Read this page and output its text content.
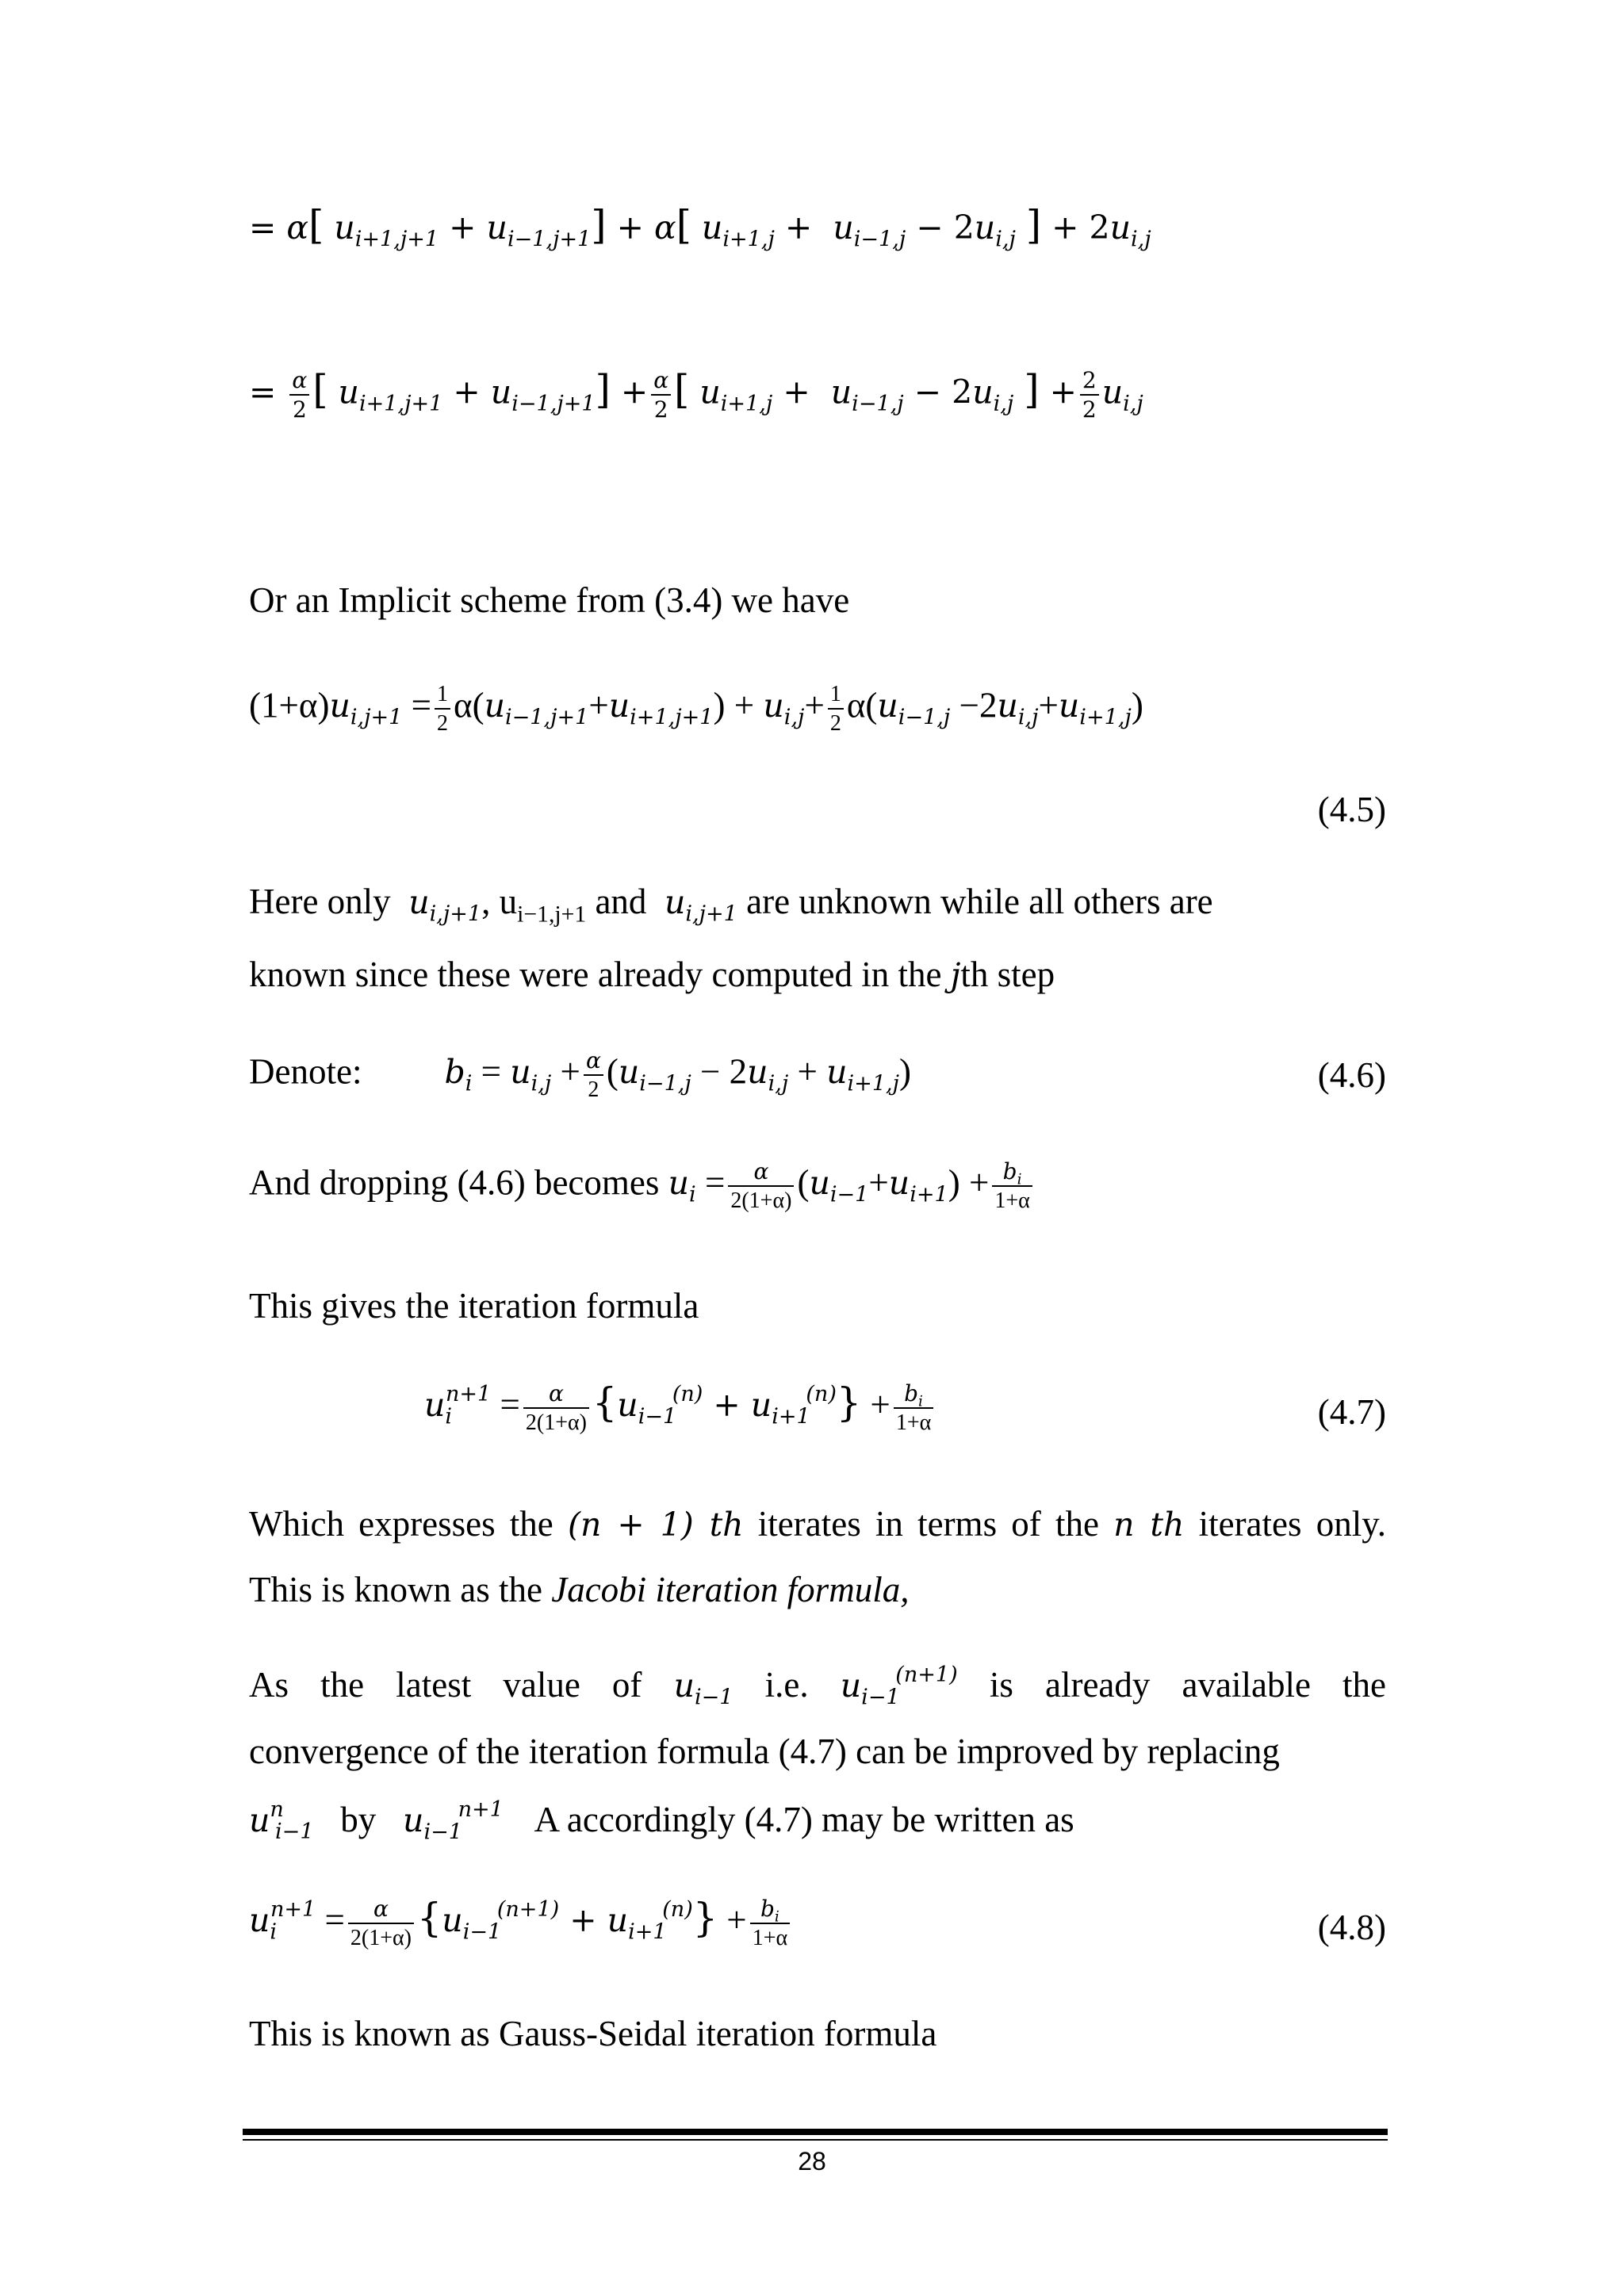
= α[ $u_{i+1,j+1} + u_{i-1,j+1}] + \alpha$[ $u_{i+1,j} + u_{i-1,j} - 2u_{i,j}$ ] + $2u_{i,j}$
= $\frac{\alpha}{2}$ [ $u_{i+1,j+1} + u_{i-1,j+1}] + \frac{\alpha}{2}$ [ $u_{i+1,j} + u_{i-1,j} - 2u_{i,j}$ ] + $\frac{2}{2} u_{i,j}$
Or an Implicit scheme from (3.4) we have
$(1+\alpha)u_{i,j+1} = \frac{1}{2} \alpha(u_{i-1,j+1}+u_{i+1,j+1}) + u_{i,j}+ \frac{1}{2} \alpha(u_{i-1,j} -2u_{i,j}+u_{i+1,j})$
(4.5)
Here only $u_{i,j+1}$, $u_{i-1,j+1}$ and $u_{i,j+1}$ are unknown while all others are
known since these were already computed in the jth step
Denote:	$b_i = u_{i,j} + \frac{\alpha}{2} (u_{i-1,j} - 2u_{i,j} + u_{i+1,j})$	(4.6)
And dropping (4.6) becomes $u_i = \frac{\alpha}{2(1+\alpha)} (u_{i-1}+u_{i+1}) + \frac{b_i}{1+\alpha}$
This gives the iteration formula
$u_i^{n+1} = \frac{\alpha}{2(1+\alpha)} \{u_{i-1}^{(n)} + u_{i+1}^{(n)}\} + \frac{b_i}{1+\alpha}$	(4.7)
Which expresses the (n + 1) th iterates in terms of the n th iterates only.
This is known as the Jacobi iteration formula,
As the latest value of $u_{i-1}$ i.e. $u_{i-1}^{(n+1)}$ is already available the
convergence of the iteration formula (4.7) can be improved by replacing
$u^n_{i-1}$ by $u_{i-1}^{n+1}$ A accordingly (4.7) may be written as
$u_i^{n+1} = \frac{\alpha}{2(1+\alpha)} \{u_{i-1}^{(n+1)} + u_{i+1}^{(n)}\} + \frac{b_i}{1+\alpha}$	(4.8)
This is known as Gauss-Seidal iteration formula
28
